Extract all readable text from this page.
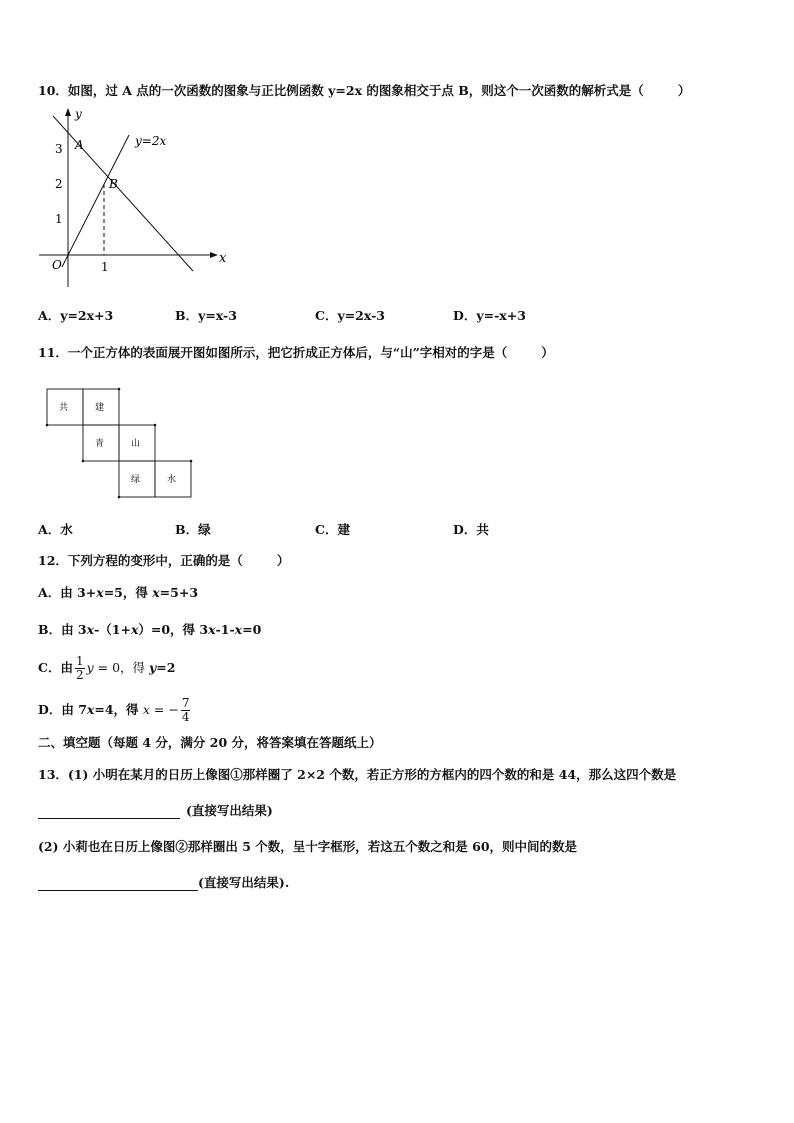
10．如图，过 A 点的一次函数的图象与正比例函数 y=2x 的图象相交于点 B，则这个一次函数的解析式是（	）
y
x
O
3
2
1
1
A
B
y=2x
A．y=2x+3	B．y=x-3	C．y=2x-3	D．y=-x+3
11．一个正方体的表面展开图如图所示，把它折成正方体后，与“山”字相对的字是（	）
共	建
青	山
绿	水
A．水	B．绿	C．建	D．共
12．下列方程的变形中，正确的是（	）
A．由 3+x=5，得 x=5+3
B．由 3x-（1+x）=0，得 3x-1-x=0
C．由 $\frac{1}{2}$ y = 0，得 y=2
D．由 7x=4，得 x = − $\frac{7}{4}$
二、填空题（每题 4 分，满分 20 分，将答案填在答题纸上）
13．(1) 小明在某月的日历上像图①那样圈了 2×2 个数，若正方形的方框内的四个数的和是 44，那么这四个数是
(直接写出结果)
(2) 小莉也在日历上像图②那样圈出 5 个数，呈十字框形，若这五个数之和是 60，则中间的数是
(直接写出结果).
